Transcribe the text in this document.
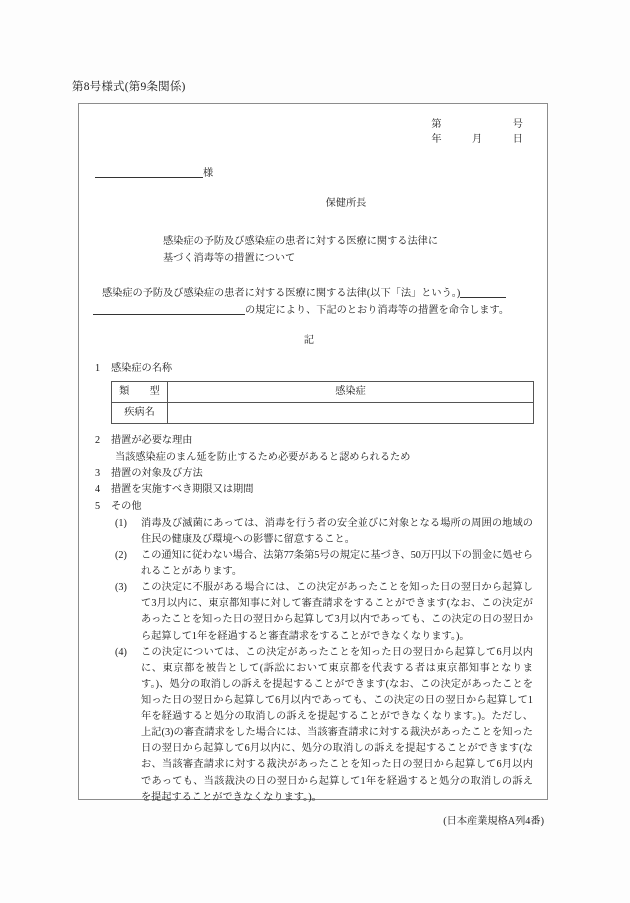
第8号様式(第9条関係)
第　　　　　　　号
年　　　月　　　日
様
保健所長
感染症の予防及び感染症の患者に対する医療に関する法律に
基づく消毒等の措置について
感染症の予防及び感染症の患者に対する医療に関する法律(以下「法」という。)
の規定により、下記のとおり消毒等の措置を命令します。
記
1	感染症の名称
類　　型	感染症
疾病名	
2	措置が必要な理由
当該感染症のまん延を防止するため必要があると認められるため
3	措置の対象及び方法
4	措置を実施すべき期限又は期間
5	その他
(1)	消毒及び滅菌にあっては、消毒を行う者の安全並びに対象となる場所の周囲の地域の住民の健康及び環境への影響に留意すること。
(2)	この通知に従わない場合、法第77条第5号の規定に基づき、50万円以下の罰金に処せられることがあります。
(3)	この決定に不服がある場合には、この決定があったことを知った日の翌日から起算して3月以内に、東京都知事に対して審査請求をすることができます(なお、この決定があったことを知った日の翌日から起算して3月以内であっても、この決定の日の翌日から起算して1年を経過すると審査請求をすることができなくなります。)。
(4)	この決定については、この決定があったことを知った日の翌日から起算して6月以内に、東京都を被告として(訴訟において東京都を代表する者は東京都知事となります。)、処分の取消しの訴えを提起することができます(なお、この決定があったことを知った日の翌日から起算して6月以内であっても、この決定の日の翌日から起算して1年を経過すると処分の取消しの訴えを提起することができなくなります。)。ただし、上記(3)の審査請求をした場合には、当該審査請求に対する裁決があったことを知った日の翌日から起算して6月以内に、処分の取消しの訴えを提起することができます(なお、当該審査請求に対する裁決があったことを知った日の翌日から起算して6月以内であっても、当該裁決の日の翌日から起算して1年を経過すると処分の取消しの訴えを提起することができなくなります。)。
(日本産業規格A列4番)
